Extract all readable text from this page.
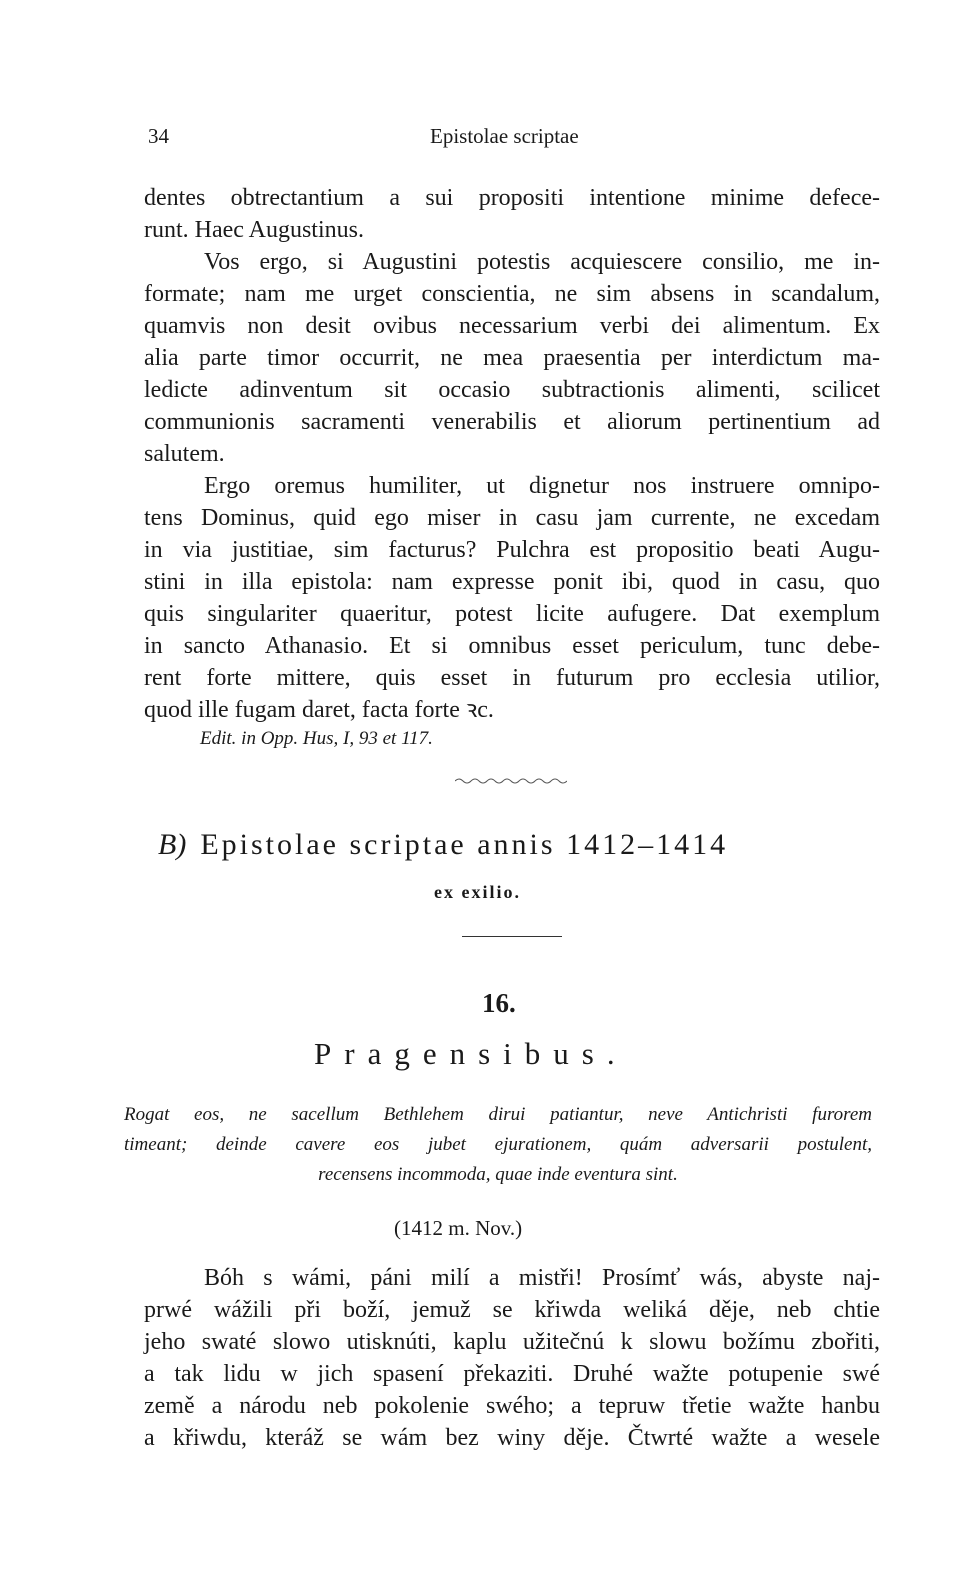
34	Epistolae scriptae
dentes obtrectantium a sui propositi intentione minime defece-
runt. Haec Augustinus.
Vos ergo, si Augustini potestis acquiescere consilio, me in-
formate; nam me urget conscientia, ne sim absens in scandalum,
quamvis non desit ovibus necessarium verbi dei alimentum. Ex
alia parte timor occurrit, ne mea praesentia per interdictum ma-
ledicte adinventum sit occasio subtractionis alimenti, scilicet
communionis sacramenti venerabilis et aliorum pertinentium ad
salutem.
Ergo oremus humiliter, ut dignetur nos instruere omnipo-
tens Dominus, quid ego miser in casu jam currente, ne excedam
in via justitiae, sim facturus? Pulchra est propositio beati Augu-
stini in illa epistola: nam expresse ponit ibi, quod in casu, quo
quis singulariter quaeritur, potest licite aufugere. Dat exemplum
in sancto Athanasio. Et si omnibus esset periculum, tunc debe-
rent forte mittere, quis esset in futurum pro ecclesia utilior,
quod ille fugam daret, facta forte ꝛc.
Edit. in Opp. Hus, I, 93 et 117.
B) Epistolae scriptae annis 1412–1414
ex exilio.
16.
Pragensibus.
Rogat eos, ne sacellum Bethlehem dirui patiantur, neve Antichristi furorem
timeant; deinde cavere eos jubet ejurationem, quám adversarii postulent,
recensens incommoda, quae inde eventura sint.
(1412 m. Nov.)
Bóh s wámi, páni milí a mistři! Prosímť wás, abyste naj-
prwé wážili při boží, jemuž se křiwda weliká děje, neb chtie
jeho swaté slowo utisknúti, kaplu užitečnú k slowu božímu zbořiti,
a tak lidu w jich spasení překaziti. Druhé wažte potupenie swé
země a národu neb pokolenie swého; a tepruw třetie wažte hanbu
a křiwdu, kteráž se wám bez winy děje. Čtwrté wažte a wesele
